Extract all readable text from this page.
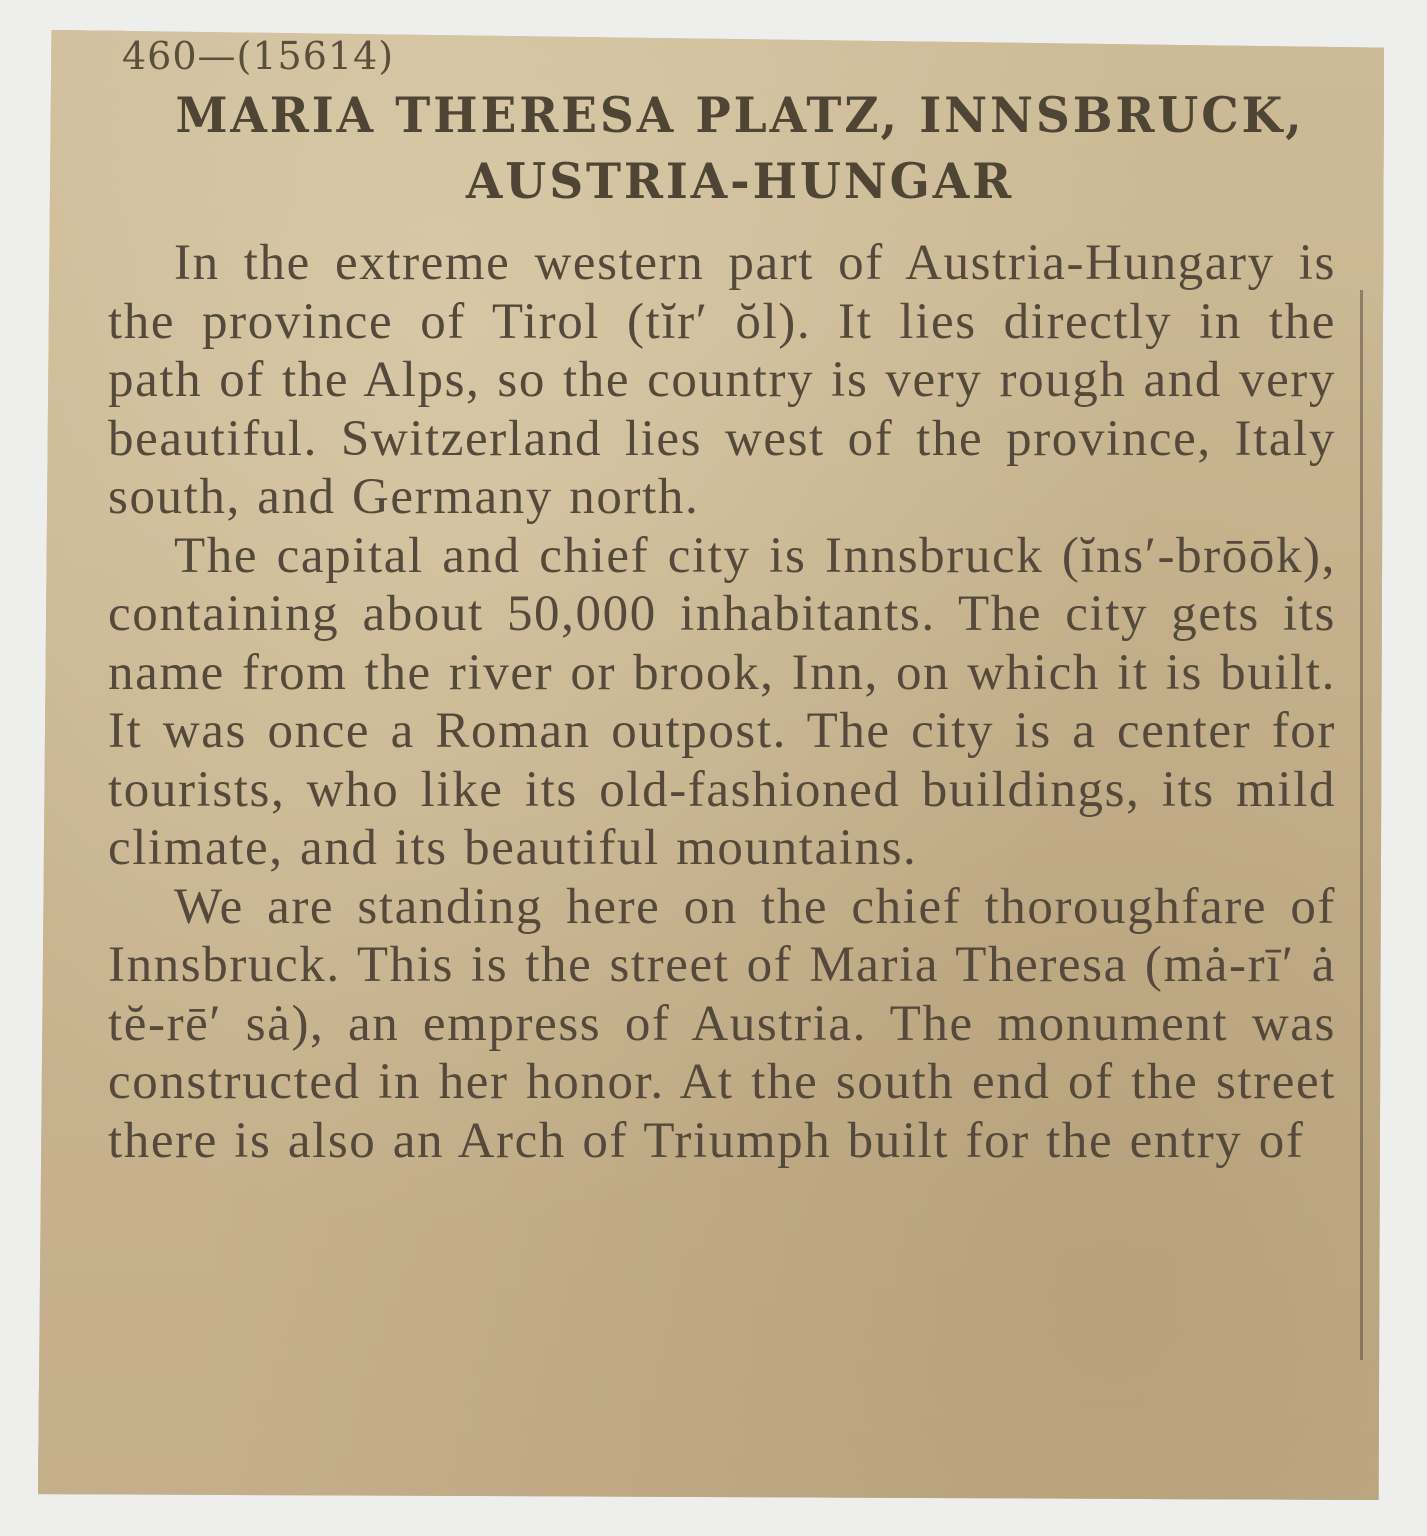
460—(15614)
MARIA THERESA PLATZ, INNSBRUCK,
AUSTRIA-HUNGAR

In the extreme western part of Austria-Hungary is the province of Tirol (tĭr′ ŏl). It lies directly in the path of the Alps, so the country is very rough and very beautiful. Switzerland lies west of the province, Italy south, and Germany north.

The capital and chief city is Innsbruck (ĭns′-brōōk), containing about 50,000 inhabitants. The city gets its name from the river or brook, Inn, on which it is built. It was once a Roman outpost. The city is a center for tourists, who like its old-fashioned buildings, its mild climate, and its beautiful mountains.

We are standing here on the chief thoroughfare of Innsbruck. This is the street of Maria Theresa (mȧ-rī′ ȧ tĕ-rē′ sȧ), an empress of Austria. The monument was constructed in her honor. At the south end of the street there is also an Arch of Triumph built for the entry of
